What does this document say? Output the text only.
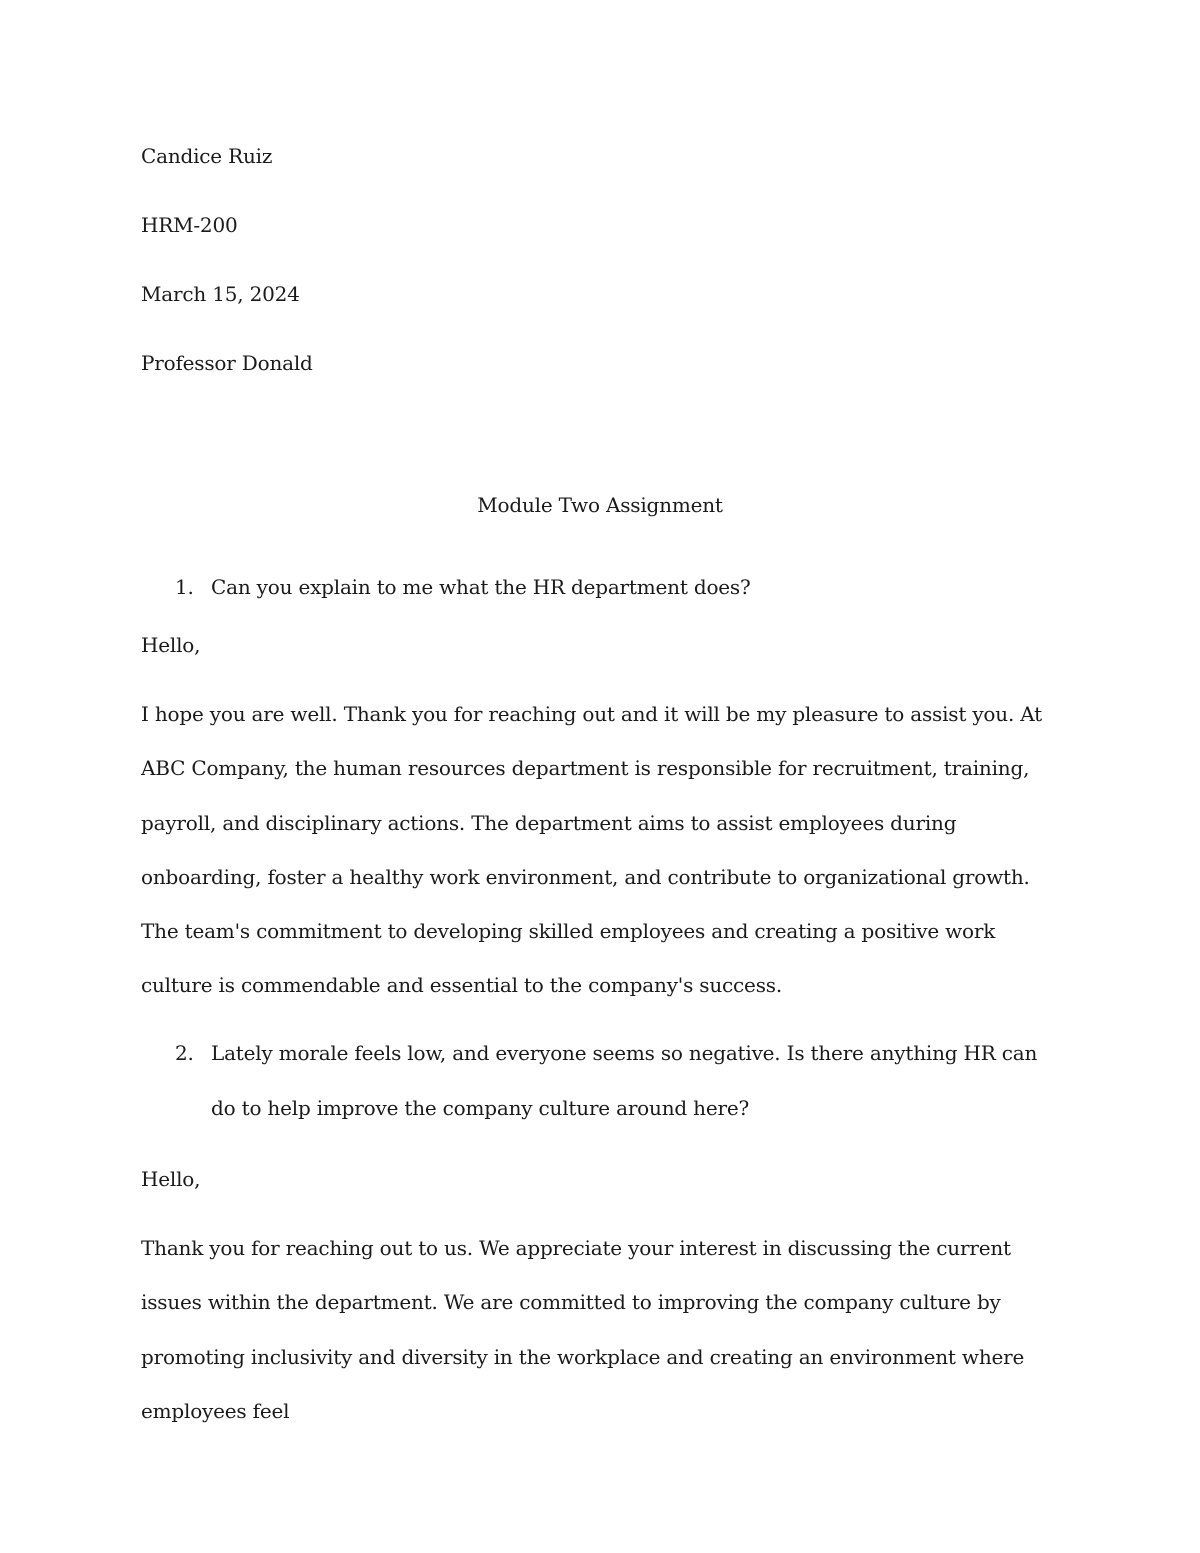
Candice Ruiz
HRM-200
March 15, 2024
Professor Donald
Module Two Assignment
1. Can you explain to me what the HR department does?
Hello,

I hope you are well. Thank you for reaching out and it will be my pleasure to assist you. At ABC Company, the human resources department is responsible for recruitment, training, payroll, and disciplinary actions. The department aims to assist employees during onboarding, foster a healthy work environment, and contribute to organizational growth. The team's commitment to developing skilled employees and creating a positive work culture is commendable and essential to the company's success.

2. Lately morale feels low, and everyone seems so negative. Is there anything HR can do to help improve the company culture around here?
Hello,

Thank you for reaching out to us. We appreciate your interest in discussing the current issues within the department. We are committed to improving the company culture by promoting inclusivity and diversity in the workplace and creating an environment where employees feel
